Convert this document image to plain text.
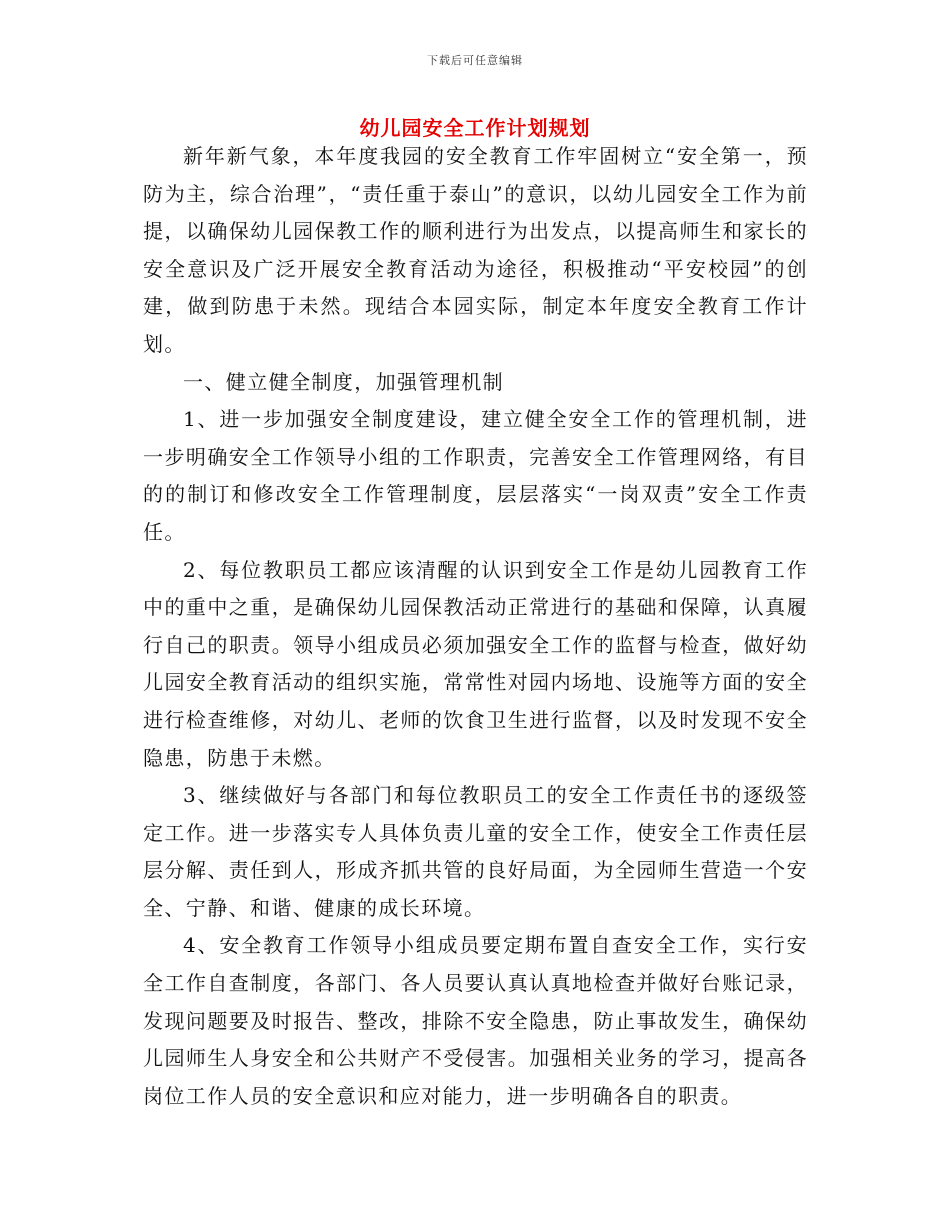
下载后可任意编辑
幼儿园安全工作计划规划

新年新气象，本年度我园的安全教育工作牢固树立“安全第一，预防为主，综合治理”，“责任重于泰山”的意识，以幼儿园安全工作为前提，以确保幼儿园保教工作的顺利进行为出发点，以提高师生和家长的安全意识及广泛开展安全教育活动为途径，积极推动“平安校园”的创建，做到防患于未然。现结合本园实际，制定本年度安全教育工作计划。

一、健立健全制度，加强管理机制

1、进一步加强安全制度建设，建立健全安全工作的管理机制，进一步明确安全工作领导小组的工作职责，完善安全工作管理网络，有目的的制订和修改安全工作管理制度，层层落实“一岗双责”安全工作责任。

2、每位教职员工都应该清醒的认识到安全工作是幼儿园教育工作中的重中之重，是确保幼儿园保教活动正常进行的基础和保障，认真履行自己的职责。领导小组成员必须加强安全工作的监督与检查，做好幼儿园安全教育活动的组织实施，常常性对园内场地、设施等方面的安全进行检查维修，对幼儿、老师的饮食卫生进行监督，以及时发现不安全隐患，防患于未燃。

3、继续做好与各部门和每位教职员工的安全工作责任书的逐级签定工作。进一步落实专人具体负责儿童的安全工作，使安全工作责任层层分解、责任到人，形成齐抓共管的良好局面，为全园师生营造一个安全、宁静、和谐、健康的成长环境。

4、安全教育工作领导小组成员要定期布置自查安全工作，实行安全工作自查制度，各部门、各人员要认真认真地检查并做好台账记录，发现问题要及时报告、整改，排除不安全隐患，防止事故发生，确保幼儿园师生人身安全和公共财产不受侵害。加强相关业务的学习，提高各岗位工作人员的安全意识和应对能力，进一步明确各自的职责。
